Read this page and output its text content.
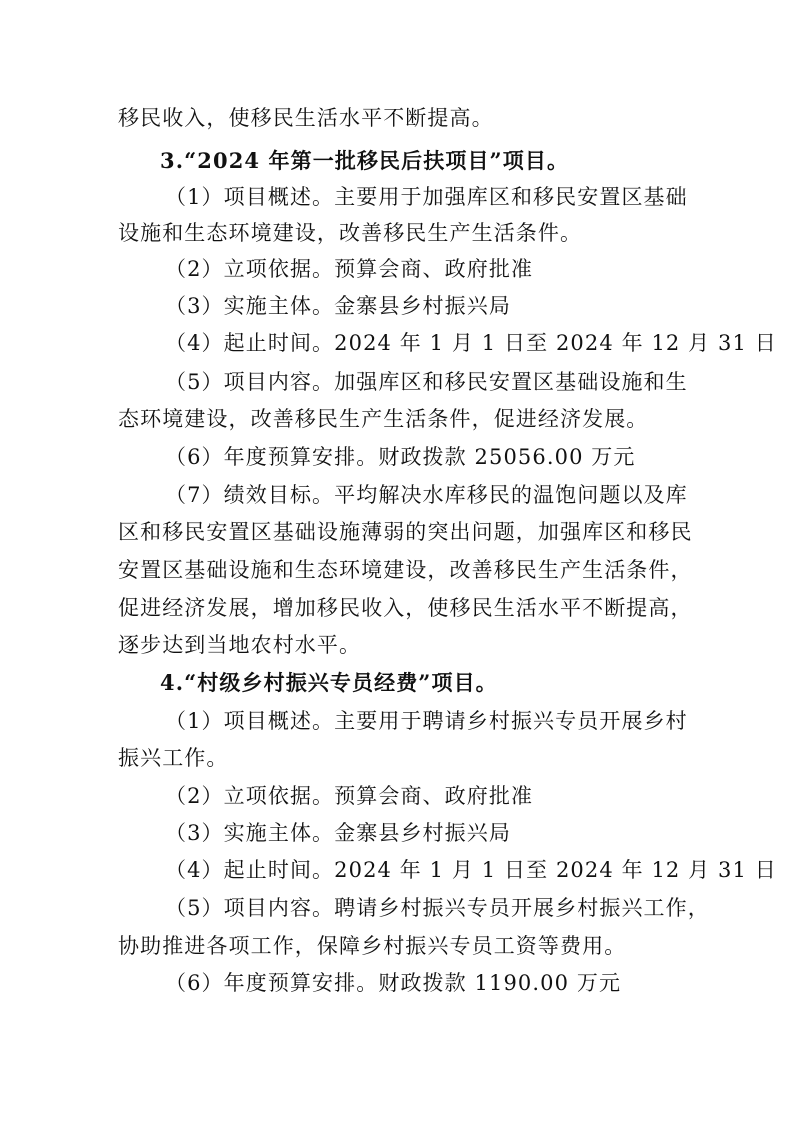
移民收入，使移民生活水平不断提高。
3.“2024 年第一批移民后扶项目”项目。
（1）项目概述。主要用于加强库区和移民安置区基础
设施和生态环境建设，改善移民生产生活条件。
（2）立项依据。预算会商、政府批准
（3）实施主体。金寨县乡村振兴局
（4）起止时间。2024 年 1 月 1 日至 2024 年 12 月 31 日
（5）项目内容。加强库区和移民安置区基础设施和生
态环境建设，改善移民生产生活条件，促进经济发展。
（6）年度预算安排。财政拨款 25056.00 万元
（7）绩效目标。平均解决水库移民的温饱问题以及库
区和移民安置区基础设施薄弱的突出问题，加强库区和移民
安置区基础设施和生态环境建设，改善移民生产生活条件，
促进经济发展，增加移民收入，使移民生活水平不断提高，
逐步达到当地农村水平。
4.“村级乡村振兴专员经费”项目。
（1）项目概述。主要用于聘请乡村振兴专员开展乡村
振兴工作。
（2）立项依据。预算会商、政府批准
（3）实施主体。金寨县乡村振兴局
（4）起止时间。2024 年 1 月 1 日至 2024 年 12 月 31 日
（5）项目内容。聘请乡村振兴专员开展乡村振兴工作，
协助推进各项工作，保障乡村振兴专员工资等费用。
（6）年度预算安排。财政拨款 1190.00 万元
